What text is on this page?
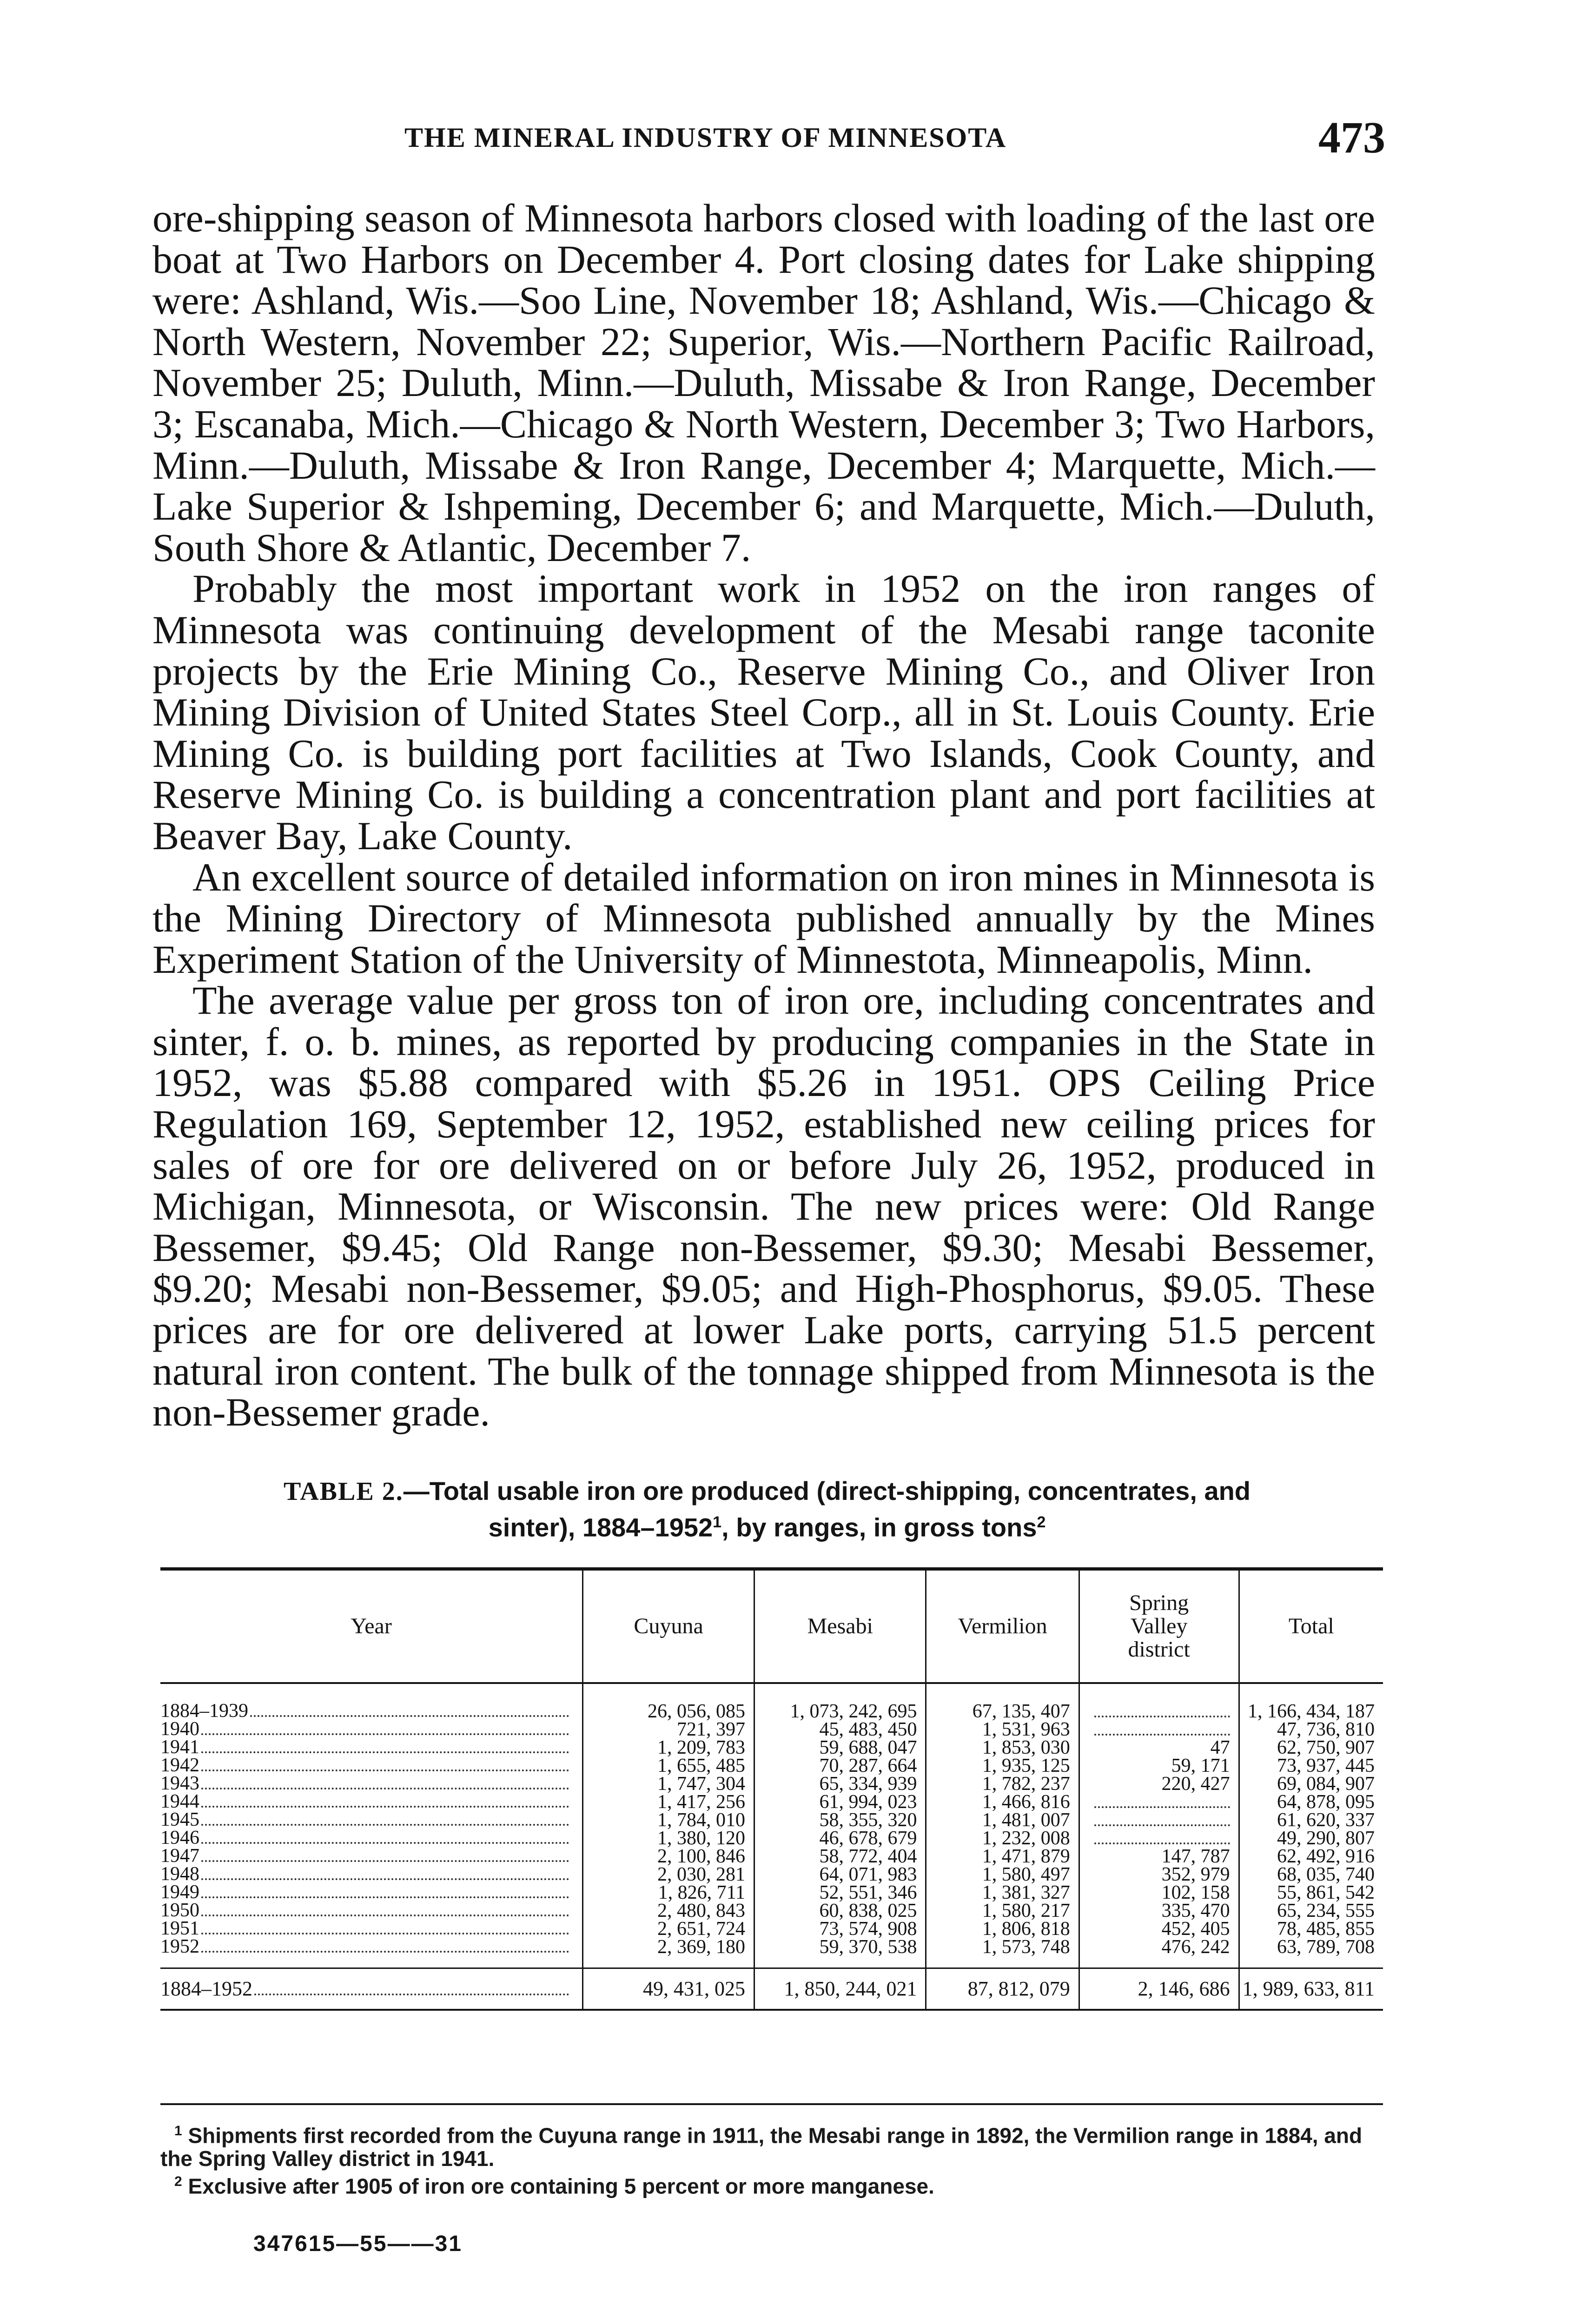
THE MINERAL INDUSTRY OF MINNESOTA	473

ore-shipping season of Minnesota harbors closed with loading of the last ore boat at Two Harbors on December 4. Port closing dates for Lake shipping were: Ashland, Wis.—Soo Line, November 18; Ashland, Wis.—Chicago & North Western, November 22; Superior, Wis.—Northern Pacific Railroad, November 25; Duluth, Minn.—Duluth, Missabe & Iron Range, December 3; Escanaba, Mich.—Chicago & North Western, December 3; Two Harbors, Minn.—Duluth, Missabe & Iron Range, December 4; Marquette, Mich.—Lake Superior & Ishpeming, December 6; and Marquette, Mich.—Duluth, South Shore & Atlantic, December 7.

Probably the most important work in 1952 on the iron ranges of Minnesota was continuing development of the Mesabi range taconite projects by the Erie Mining Co., Reserve Mining Co., and Oliver Iron Mining Division of United States Steel Corp., all in St. Louis County. Erie Mining Co. is building port facilities at Two Islands, Cook County, and Reserve Mining Co. is building a concentration plant and port facilities at Beaver Bay, Lake County.

An excellent source of detailed information on iron mines in Minnesota is the Mining Directory of Minnesota published annually by the Mines Experiment Station of the University of Minnestota, Minneapolis, Minn.

The average value per gross ton of iron ore, including concentrates and sinter, f. o. b. mines, as reported by producing companies in the State in 1952, was $5.88 compared with $5.26 in 1951. OPS Ceiling Price Regulation 169, September 12, 1952, established new ceiling prices for sales of ore for ore delivered on or before July 26, 1952, produced in Michigan, Minnesota, or Wisconsin. The new prices were: Old Range Bessemer, $9.45; Old Range non-Bessemer, $9.30; Mesabi Bessemer, $9.20; Mesabi non-Bessemer, $9.05; and High-Phosphorus, $9.05. These prices are for ore delivered at lower Lake ports, carrying 51.5 percent natural iron content. The bulk of the tonnage shipped from Minnesota is the non-Bessemer grade.

TABLE 2.—Total usable iron ore produced (direct-shipping, concentrates, and
sinter), 1884–1952$^1$, by ranges, in gross tons$^2$
Year	Cuyuna	Mesabi	Vermilion	Spring
Valley
district	Total

1884–1939	26, 056, 085	1, 073, 242, 695	67, 135, 407		1, 166, 434, 187

1940	721, 397	45, 483, 450	1, 531, 963		47, 736, 810

1941	1, 209, 783	59, 688, 047	1, 853, 030	47	62, 750, 907

1942	1, 655, 485	70, 287, 664	1, 935, 125	59, 171	73, 937, 445

1943	1, 747, 304	65, 334, 939	1, 782, 237	220, 427	69, 084, 907

1944	1, 417, 256	61, 994, 023	1, 466, 816		64, 878, 095

1945	1, 784, 010	58, 355, 320	1, 481, 007		61, 620, 337

1946	1, 380, 120	46, 678, 679	1, 232, 008		49, 290, 807

1947	2, 100, 846	58, 772, 404	1, 471, 879	147, 787	62, 492, 916

1948	2, 030, 281	64, 071, 983	1, 580, 497	352, 979	68, 035, 740

1949	1, 826, 711	52, 551, 346	1, 381, 327	102, 158	55, 861, 542

1950	2, 480, 843	60, 838, 025	1, 580, 217	335, 470	65, 234, 555

1951	2, 651, 724	73, 574, 908	1, 806, 818	452, 405	78, 485, 855

1952	2, 369, 180	59, 370, 538	1, 573, 748	476, 242	63, 789, 708

1884–1952	49, 431, 025	1, 850, 244, 021	87, 812, 079	2, 146, 686	1, 989, 633, 811

$^1$ Shipments first recorded from the Cuyuna range in 1911, the Mesabi range in 1892, the Vermilion range in 1884, and the Spring Valley district in 1941.

$^2$ Exclusive after 1905 of iron ore containing 5 percent or more manganese.

347615—55——31
